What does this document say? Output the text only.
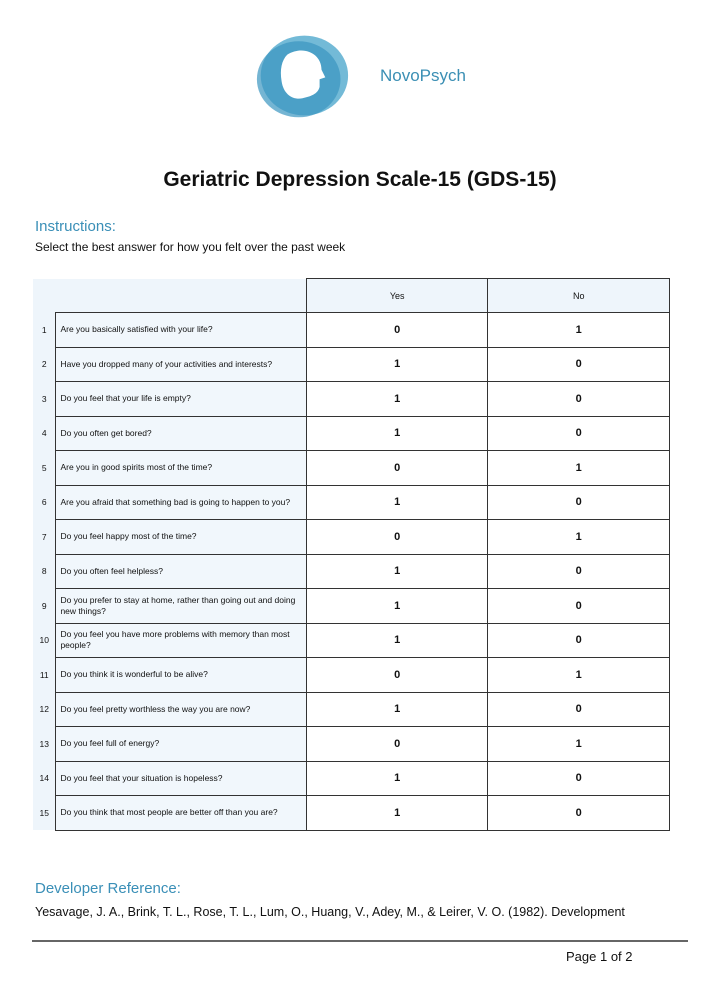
NovoPsych
Geriatric Depression Scale-15 (GDS-15)
Instructions:
Select the best answer for how you felt over the past week
		Yes	No
1	Are you basically satisfied with your life?	0	1
2	Have you dropped many of your activities and interests?	1	0
3	Do you feel that your life is empty?	1	0
4	Do you often get bored?	1	0
5	Are you in good spirits most of the time?	0	1
6	Are you afraid that something bad is going to happen to you?	1	0
7	Do you feel happy most of the time?	0	1
8	Do you often feel helpless?	1	0
9	Do you prefer to stay at home, rather than going out and doing new things?	1	0
10	Do you feel you have more problems with memory than most people?	1	0
11	Do you think it is wonderful to be alive?	0	1
12	Do you feel pretty worthless the way you are now?	1	0
13	Do you feel full of energy?	0	1
14	Do you feel that your situation is hopeless?	1	0
15	Do you think that most people are better off than you are?	1	0
Developer Reference:
Yesavage, J. A., Brink, T. L., Rose, T. L., Lum, O., Huang, V., Adey, M., & Leirer, V. O. (1982). Development
Page 1 of 2
